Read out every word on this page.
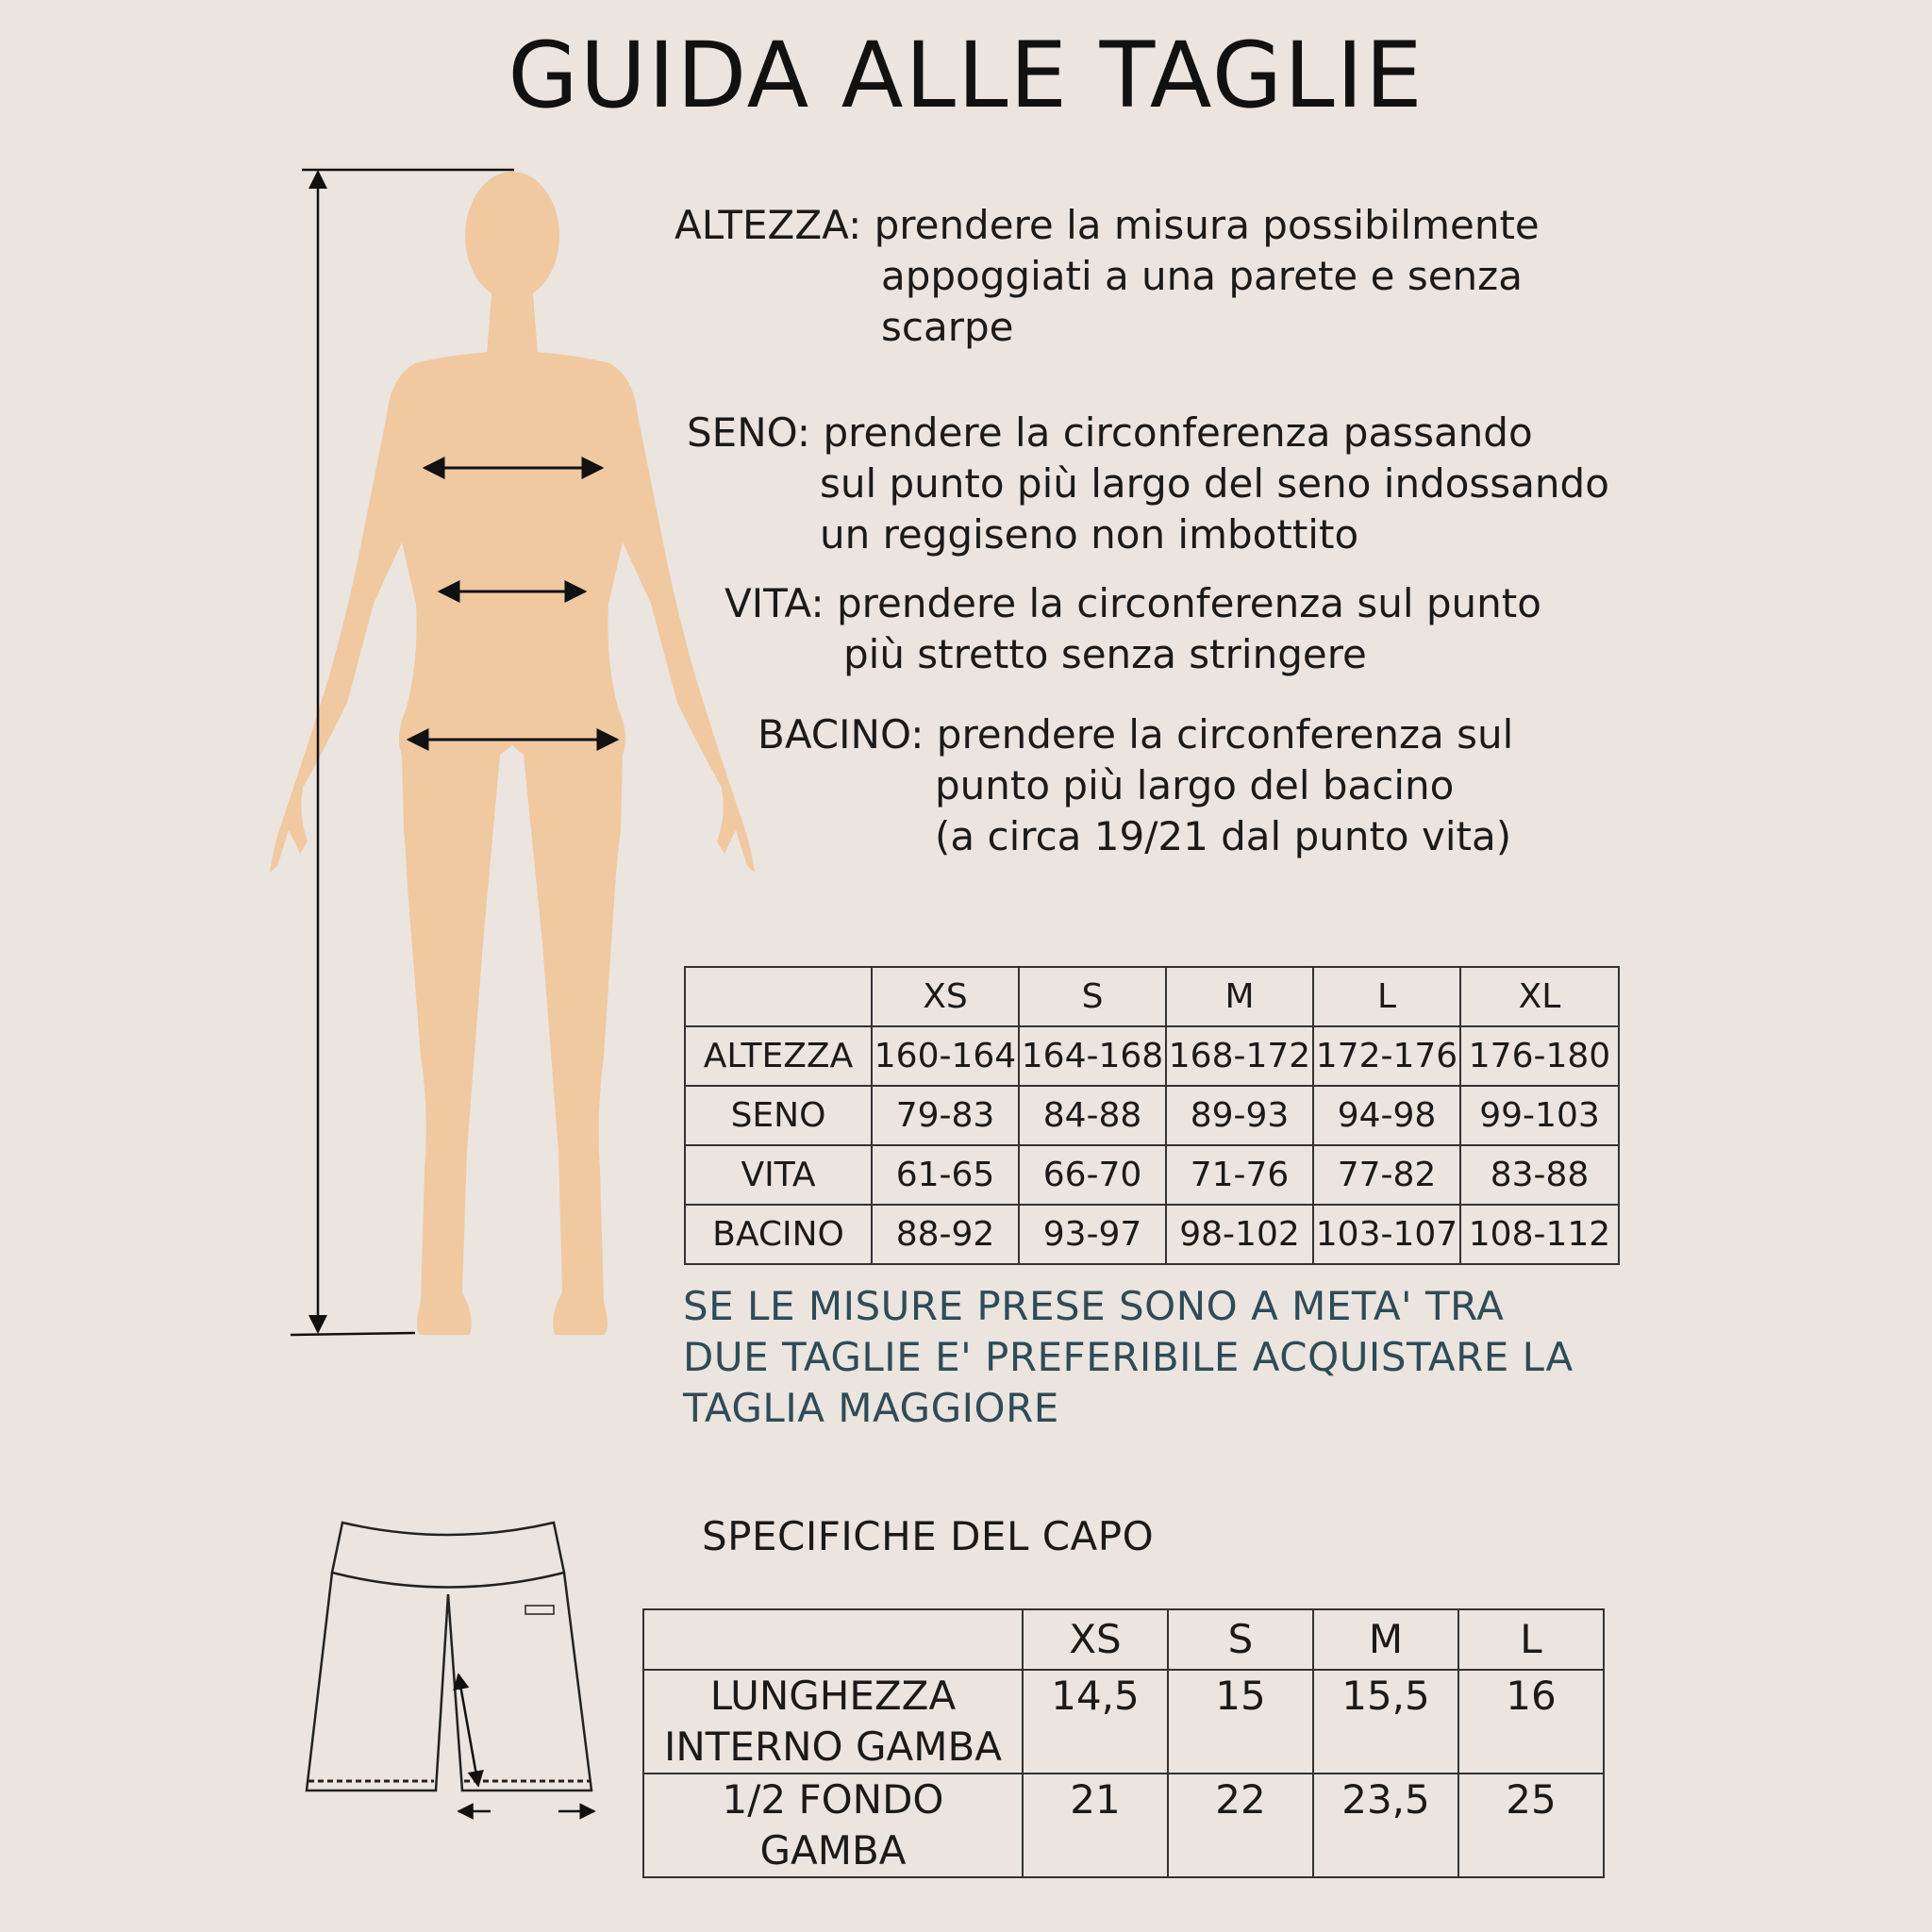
GUIDA ALLE TAGLIE
ALTEZZA: prendere la misura possibilmente
appoggiati a una parete e senza
scarpe
SENO: prendere la circonferenza passando
sul punto più largo del seno indossando
un reggiseno non imbottito
VITA: prendere la circonferenza sul punto
più stretto senza stringere
BACINO: prendere la circonferenza sul
punto più largo del bacino
(a circa 19/21 dal punto vita)
	XS	S	M	L	XL
ALTEZZA	160-164	164-168	168-172	172-176	176-180
SENO	79-83	84-88	89-93	94-98	99-103
VITA	61-65	66-70	71-76	77-82	83-88
BACINO	88-92	93-97	98-102	103-107	108-112
SE LE MISURE PRESE SONO A META' TRA
DUE TAGLIE E' PREFERIBILE ACQUISTARE LA
TAGLIA MAGGIORE
SPECIFICHE DEL CAPO
	XS	S	M	L

LUNGHEZZA
INTERNO GAMBA	14,5	15	15,5	16

1/2 FONDO
GAMBA	21	22	23,5	25
